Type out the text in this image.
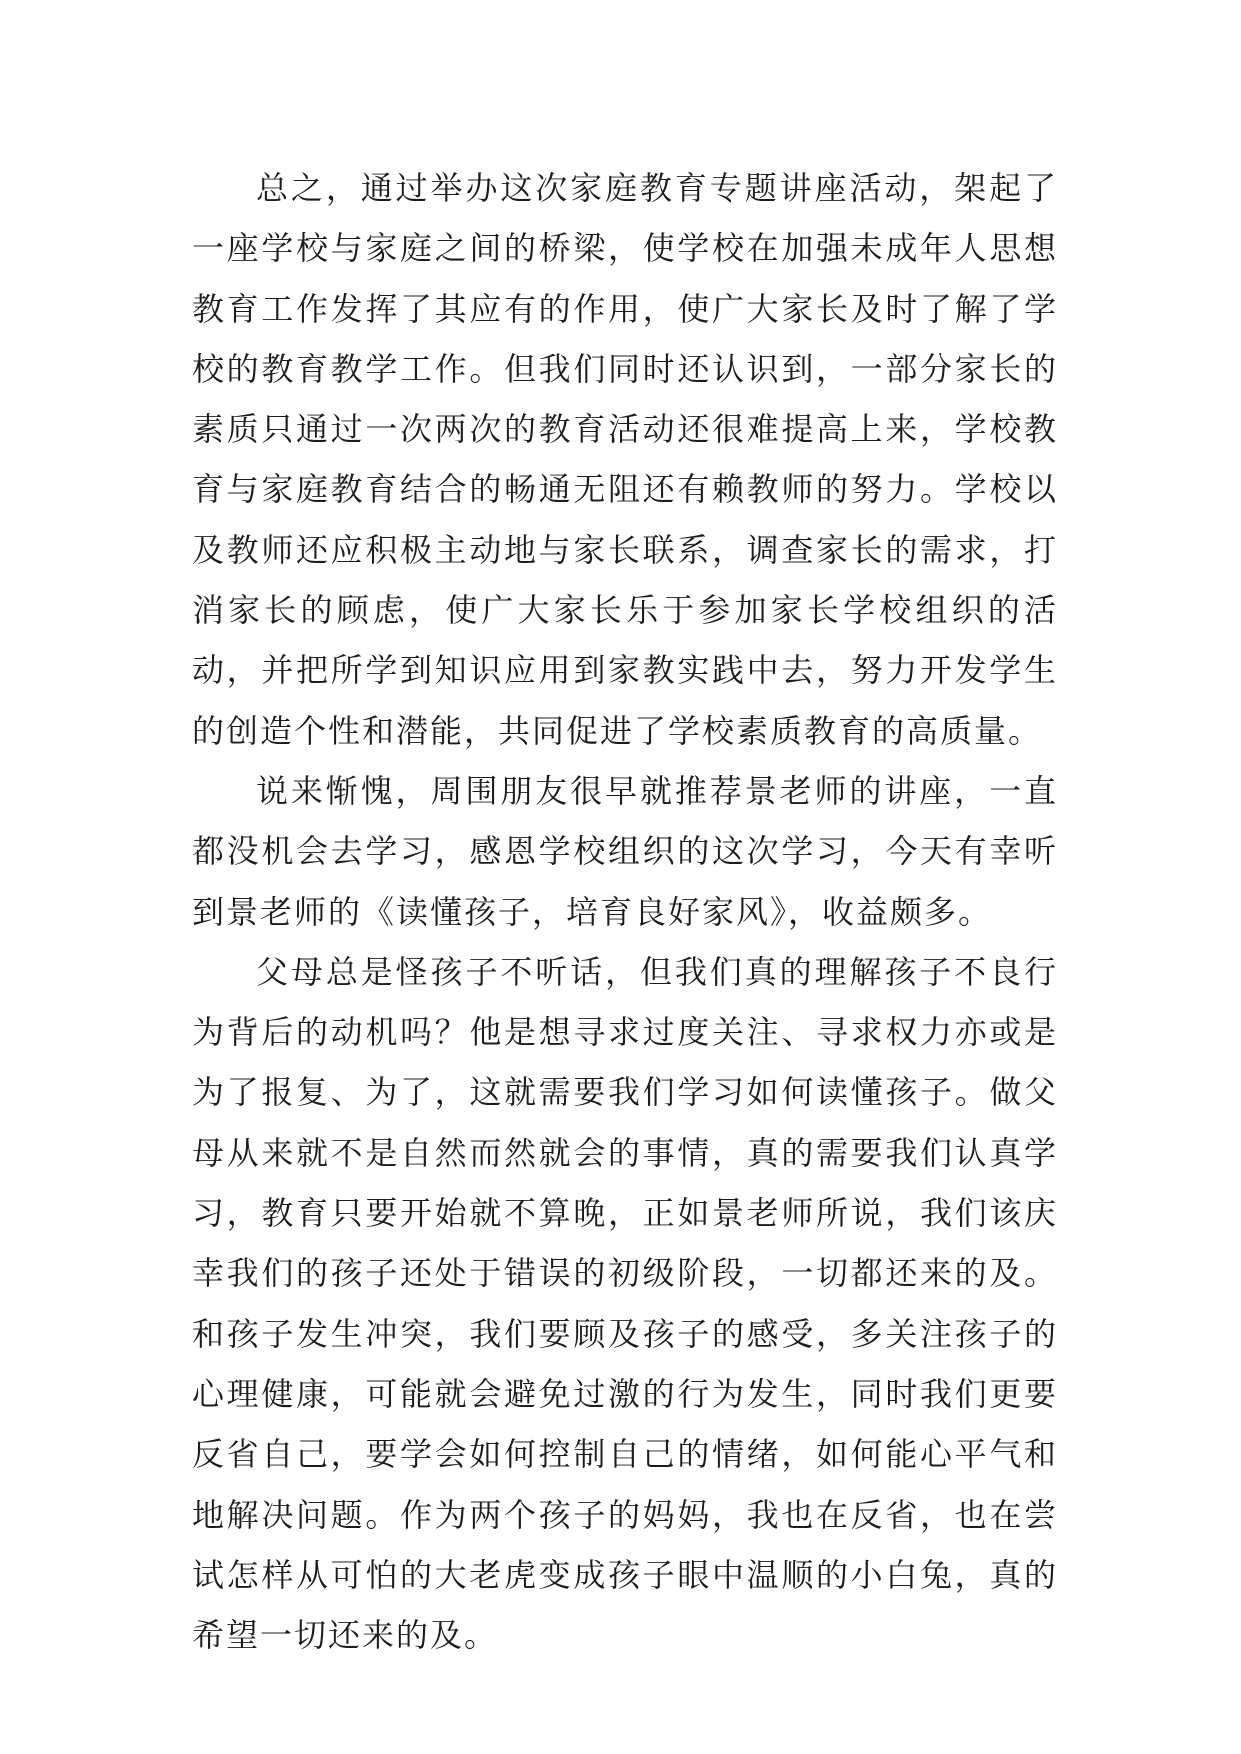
总之，通过举办这次家庭教育专题讲座活动，架起了一座学校与家庭之间的桥梁，使学校在加强未成年人思想教育工作发挥了其应有的作用，使广大家长及时了解了学校的教育教学工作。但我们同时还认识到，一部分家长的素质只通过一次两次的教育活动还很难提高上来，学校教育与家庭教育结合的畅通无阻还有赖教师的努力。学校以及教师还应积极主动地与家长联系，调查家长的需求，打消家长的顾虑，使广大家长乐于参加家长学校组织的活动，并把所学到知识应用到家教实践中去，努力开发学生的创造个性和潜能，共同促进了学校素质教育的高质量。

说来惭愧，周围朋友很早就推荐景老师的讲座，一直都没机会去学习，感恩学校组织的这次学习，今天有幸听到景老师的《读懂孩子，培育良好家风》，收益颇多。

父母总是怪孩子不听话，但我们真的理解孩子不良行为背后的动机吗？他是想寻求过度关注、寻求权力亦或是为了报复、为了，这就需要我们学习如何读懂孩子。做父母从来就不是自然而然就会的事情，真的需要我们认真学习，教育只要开始就不算晚，正如景老师所说，我们该庆幸我们的孩子还处于错误的初级阶段，一切都还来的及。和孩子发生冲突，我们要顾及孩子的感受，多关注孩子的心理健康，可能就会避免过激的行为发生，同时我们更要反省自己，要学会如何控制自己的情绪，如何能心平气和地解决问题。作为两个孩子的妈妈，我也在反省，也在尝试怎样从可怕的大老虎变成孩子眼中温顺的小白兔，真的希望一切还来的及。
